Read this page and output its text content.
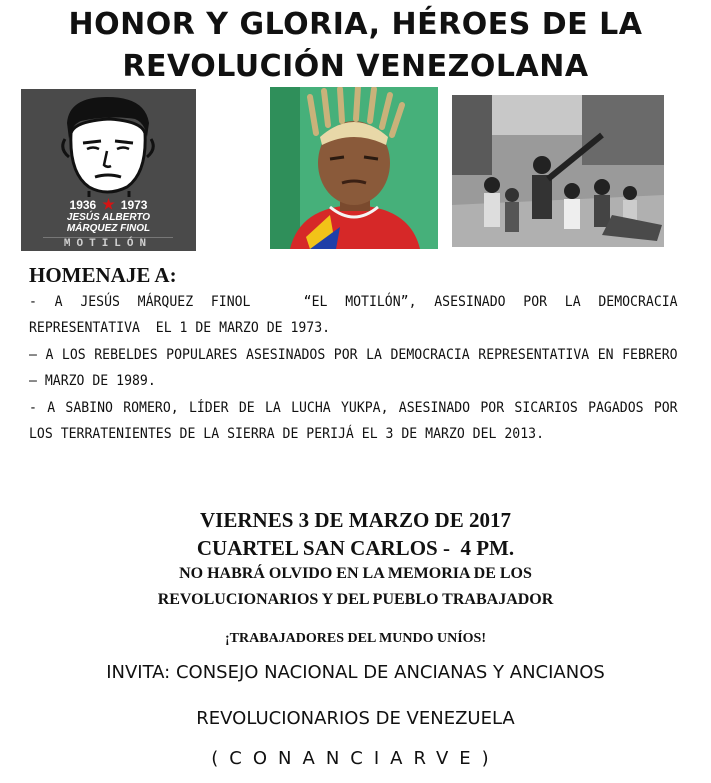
HONOR Y GLORIA, HÉROES DE LA
REVOLUCIÓN VENEZOLANA
1936 ★ 1973
JESÚS ALBERTO
MÁRQUEZ FINOL
MOTILÓN
HOMENAJE A:

- A JESÚS MÁRQUEZ FINOL   “EL MOTILÓN”, ASESINADO POR LA DEMOCRACIA REPRESENTATIVA  EL 1 DE MARZO DE 1973.

– A LOS REBELDES POPULARES ASESINADOS POR LA DEMOCRACIA REPRESENTATIVA EN FEBRERO – MARZO DE 1989.

- A SABINO ROMERO, LÍDER DE LA LUCHA YUKPA, ASESINADO POR SICARIOS PAGADOS POR LOS TERRATENIENTES DE LA SIERRA DE PERIJÁ EL 3 DE MARZO DEL 2013.

VIERNES 3 DE MARZO DE 2017
CUARTEL SAN CARLOS -  4 PM.
NO HABRÁ OLVIDO EN LA MEMORIA DE LOS
REVOLUCIONARIOS Y DEL PUEBLO TRABAJADOR
¡TRABAJADORES DEL MUNDO UNÍOS!
INVITA: CONSEJO NACIONAL DE ANCIANAS Y ANCIANOS
REVOLUCIONARIOS DE VENEZUELA
(CONANCIARVE)
